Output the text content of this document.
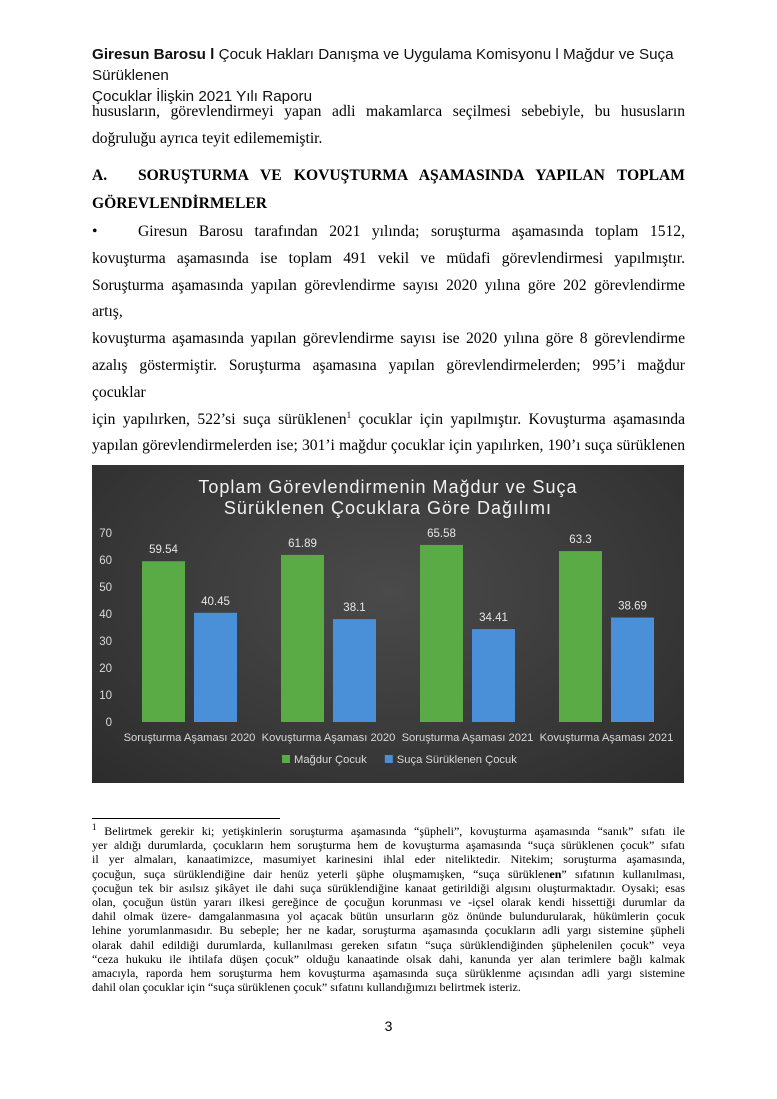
Giresun Barosu l Çocuk Hakları Danışma ve Uygulama Komisyonu l Mağdur ve Suça Sürüklenen
Çocuklar İlişkin 2021 Yılı Raporu
hususların, görevlendirmeyi yapan adli makamlarca seçilmesi sebebiyle, bu hususların
doğruluğu ayrıca teyit edilememiştir.
A.	SORUŞTURMA VE KOVUŞTURMA AŞAMASINDA YAPILAN TOPLAM
GÖREVLENDİRMELER
•	Giresun Barosu tarafından 2021 yılında; soruşturma aşamasında toplam 1512,
kovuşturma aşamasında ise toplam 491 vekil ve müdafi görevlendirmesi yapılmıştır.
Soruşturma aşamasında yapılan görevlendirme sayısı 2020 yılına göre 202 görevlendirme artış,
kovuşturma aşamasında yapılan görevlendirme sayısı ise 2020 yılına göre 8 görevlendirme
azalış göstermiştir. Soruşturma aşamasına yapılan görevlendirmelerden; 995’i mağdur çocuklar
için yapılırken, 522’si suça sürüklenen$^1$ çocuklar için yapılmıştır. Kovuşturma aşamasında
yapılan görevlendirmelerden ise; 301’i mağdur çocuklar için yapılırken, 190’ı suça sürüklenen
Toplam Görevlendirmenin Mağdur ve Suça
Sürüklenen Çocuklara Göre Dağılımı
0
10
20
30
40
50
60
70
59.54
40.45
Soruşturma Aşaması 2020
61.89
38.1
Kovuşturma Aşaması 2020
65.58
34.41
Soruşturma Aşaması 2021
63.3
38.69
Kovuşturma Aşaması 2021
Mağdur Çocuk	Suça Sürüklenen Çocuk
$^1$ Belirtmek gerekir ki; yetişkinlerin soruşturma aşamasında “şüpheli”, kovuşturma aşamasında “sanık” sıfatı ile
yer aldığı durumlarda, çocukların hem soruşturma hem de kovuşturma aşamasında “suça sürüklenen çocuk” sıfatı
il yer almaları, kanaatimizce, masumiyet karinesini ihlal eder niteliktedir. Nitekim; soruşturma aşamasında,
çocuğun, suça sürüklendiğine dair henüz yeterli şüphe oluşmamışken, “suça sürüklenen” sıfatının kullanılması,
çocuğun tek bir asılsız şikâyet ile dahi suça sürüklendiğine kanaat getirildiği algısını oluşturmaktadır. Oysaki; esas
olan, çocuğun üstün yararı ilkesi gereğince de çocuğun korunması ve -içsel olarak kendi hissettiği durumlar da
dahil olmak üzere- damgalanmasına yol açacak bütün unsurların göz önünde bulundurularak, hükümlerin çocuk
lehine yorumlanmasıdır. Bu sebeple; her ne kadar, soruşturma aşamasında çocukların adli yargı sistemine şüpheli
olarak dahil edildiği durumlarda, kullanılması gereken sıfatın “suça sürüklendiğinden şüphelenilen çocuk” veya
“ceza hukuku ile ihtilafa düşen çocuk” olduğu kanaatinde olsak dahi, kanunda yer alan terimlere bağlı kalmak
amacıyla, raporda hem soruşturma hem kovuşturma aşamasında suça sürüklenme açısından adli yargı sistemine
dahil olan çocuklar için “suça sürüklenen çocuk” sıfatını kullandığımızı belirtmek isteriz.
3
